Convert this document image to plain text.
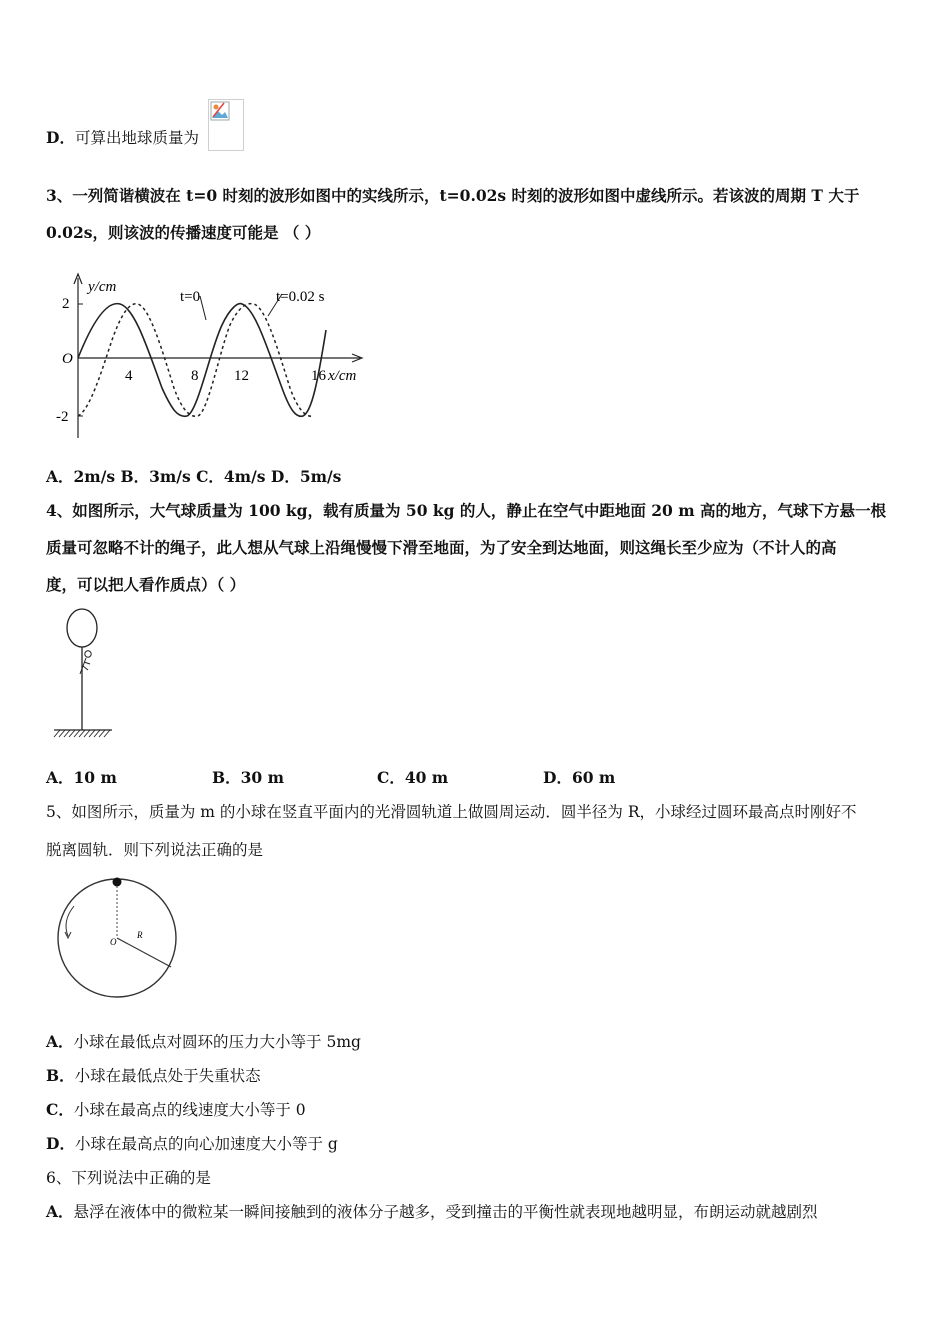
D．可算出地球质量为
3、一列简谐横波在 t=0 时刻的波形如图中的实线所示，t=0.02s 时刻的波形如图中虚线所示。若该波的周期 T 大于
0.02s，则该波的传播速度可能是 （ ）
y/cm
2
O
-2
4	8 12	16 x/cm
t=0	t=0.02 s
A．2m/s B．3m/s C．4m/s D．5m/s
4、如图所示，大气球质量为 100 kg，载有质量为 50 kg 的人，静止在空气中距地面 20 m 高的地方，气球下方悬一根
质量可忽略不计的绳子，此人想从气球上沿绳慢慢下滑至地面，为了安全到达地面，则这绳长至少应为（不计人的高
度，可以把人看作质点）（ ）
A．10 m	B．30 m	C．40 m	D．60 m
5、如图所示，质量为 m 的小球在竖直平面内的光滑圆轨道上做圆周运动．圆半径为 R，小球经过圆环最高点时刚好不
脱离圆轨．则下列说法正确的是
O
R
A．小球在最低点对圆环的压力大小等于 5mg
B．小球在最低点处于失重状态
C．小球在最高点的线速度大小等于 0
D．小球在最高点的向心加速度大小等于 g
6、下列说法中正确的是
A．悬浮在液体中的微粒某一瞬间接触到的液体分子越多，受到撞击的平衡性就表现地越明显，布朗运动就越剧烈
